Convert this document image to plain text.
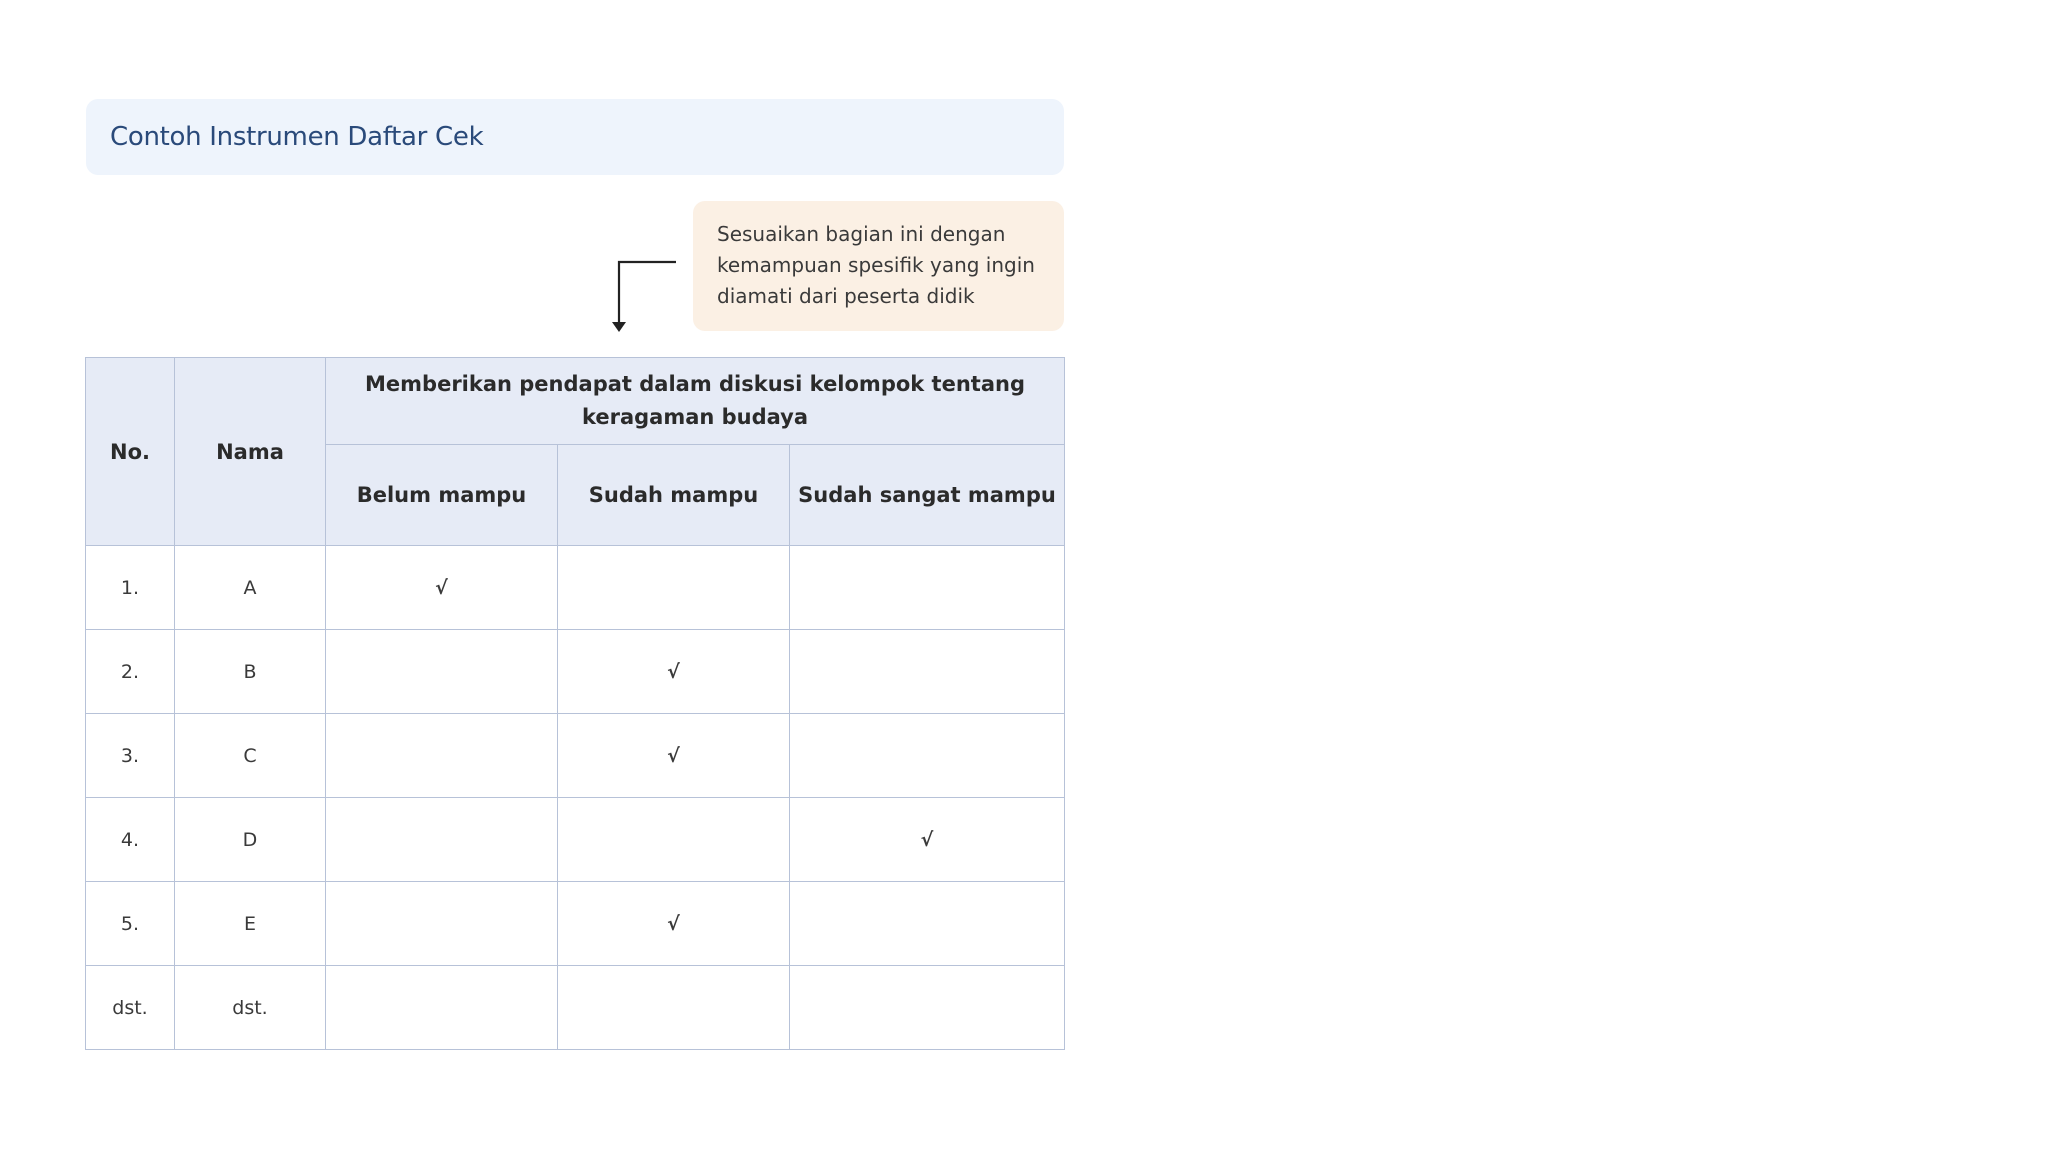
Contoh Instrumen Daftar Cek

Sesuaikan bagian ini dengan
kemampuan spesifik yang ingin
diamati dari peserta didik

No.	Nama	Memberikan pendapat dalam diskusi kelompok tentang keragaman budaya		
		Belum mampu	Sudah mampu	Sudah sangat mampu
1.	A	√		
2.	B		√	
3.	C		√	
4.	D			√
5.	E		√	
dst.	dst.			
